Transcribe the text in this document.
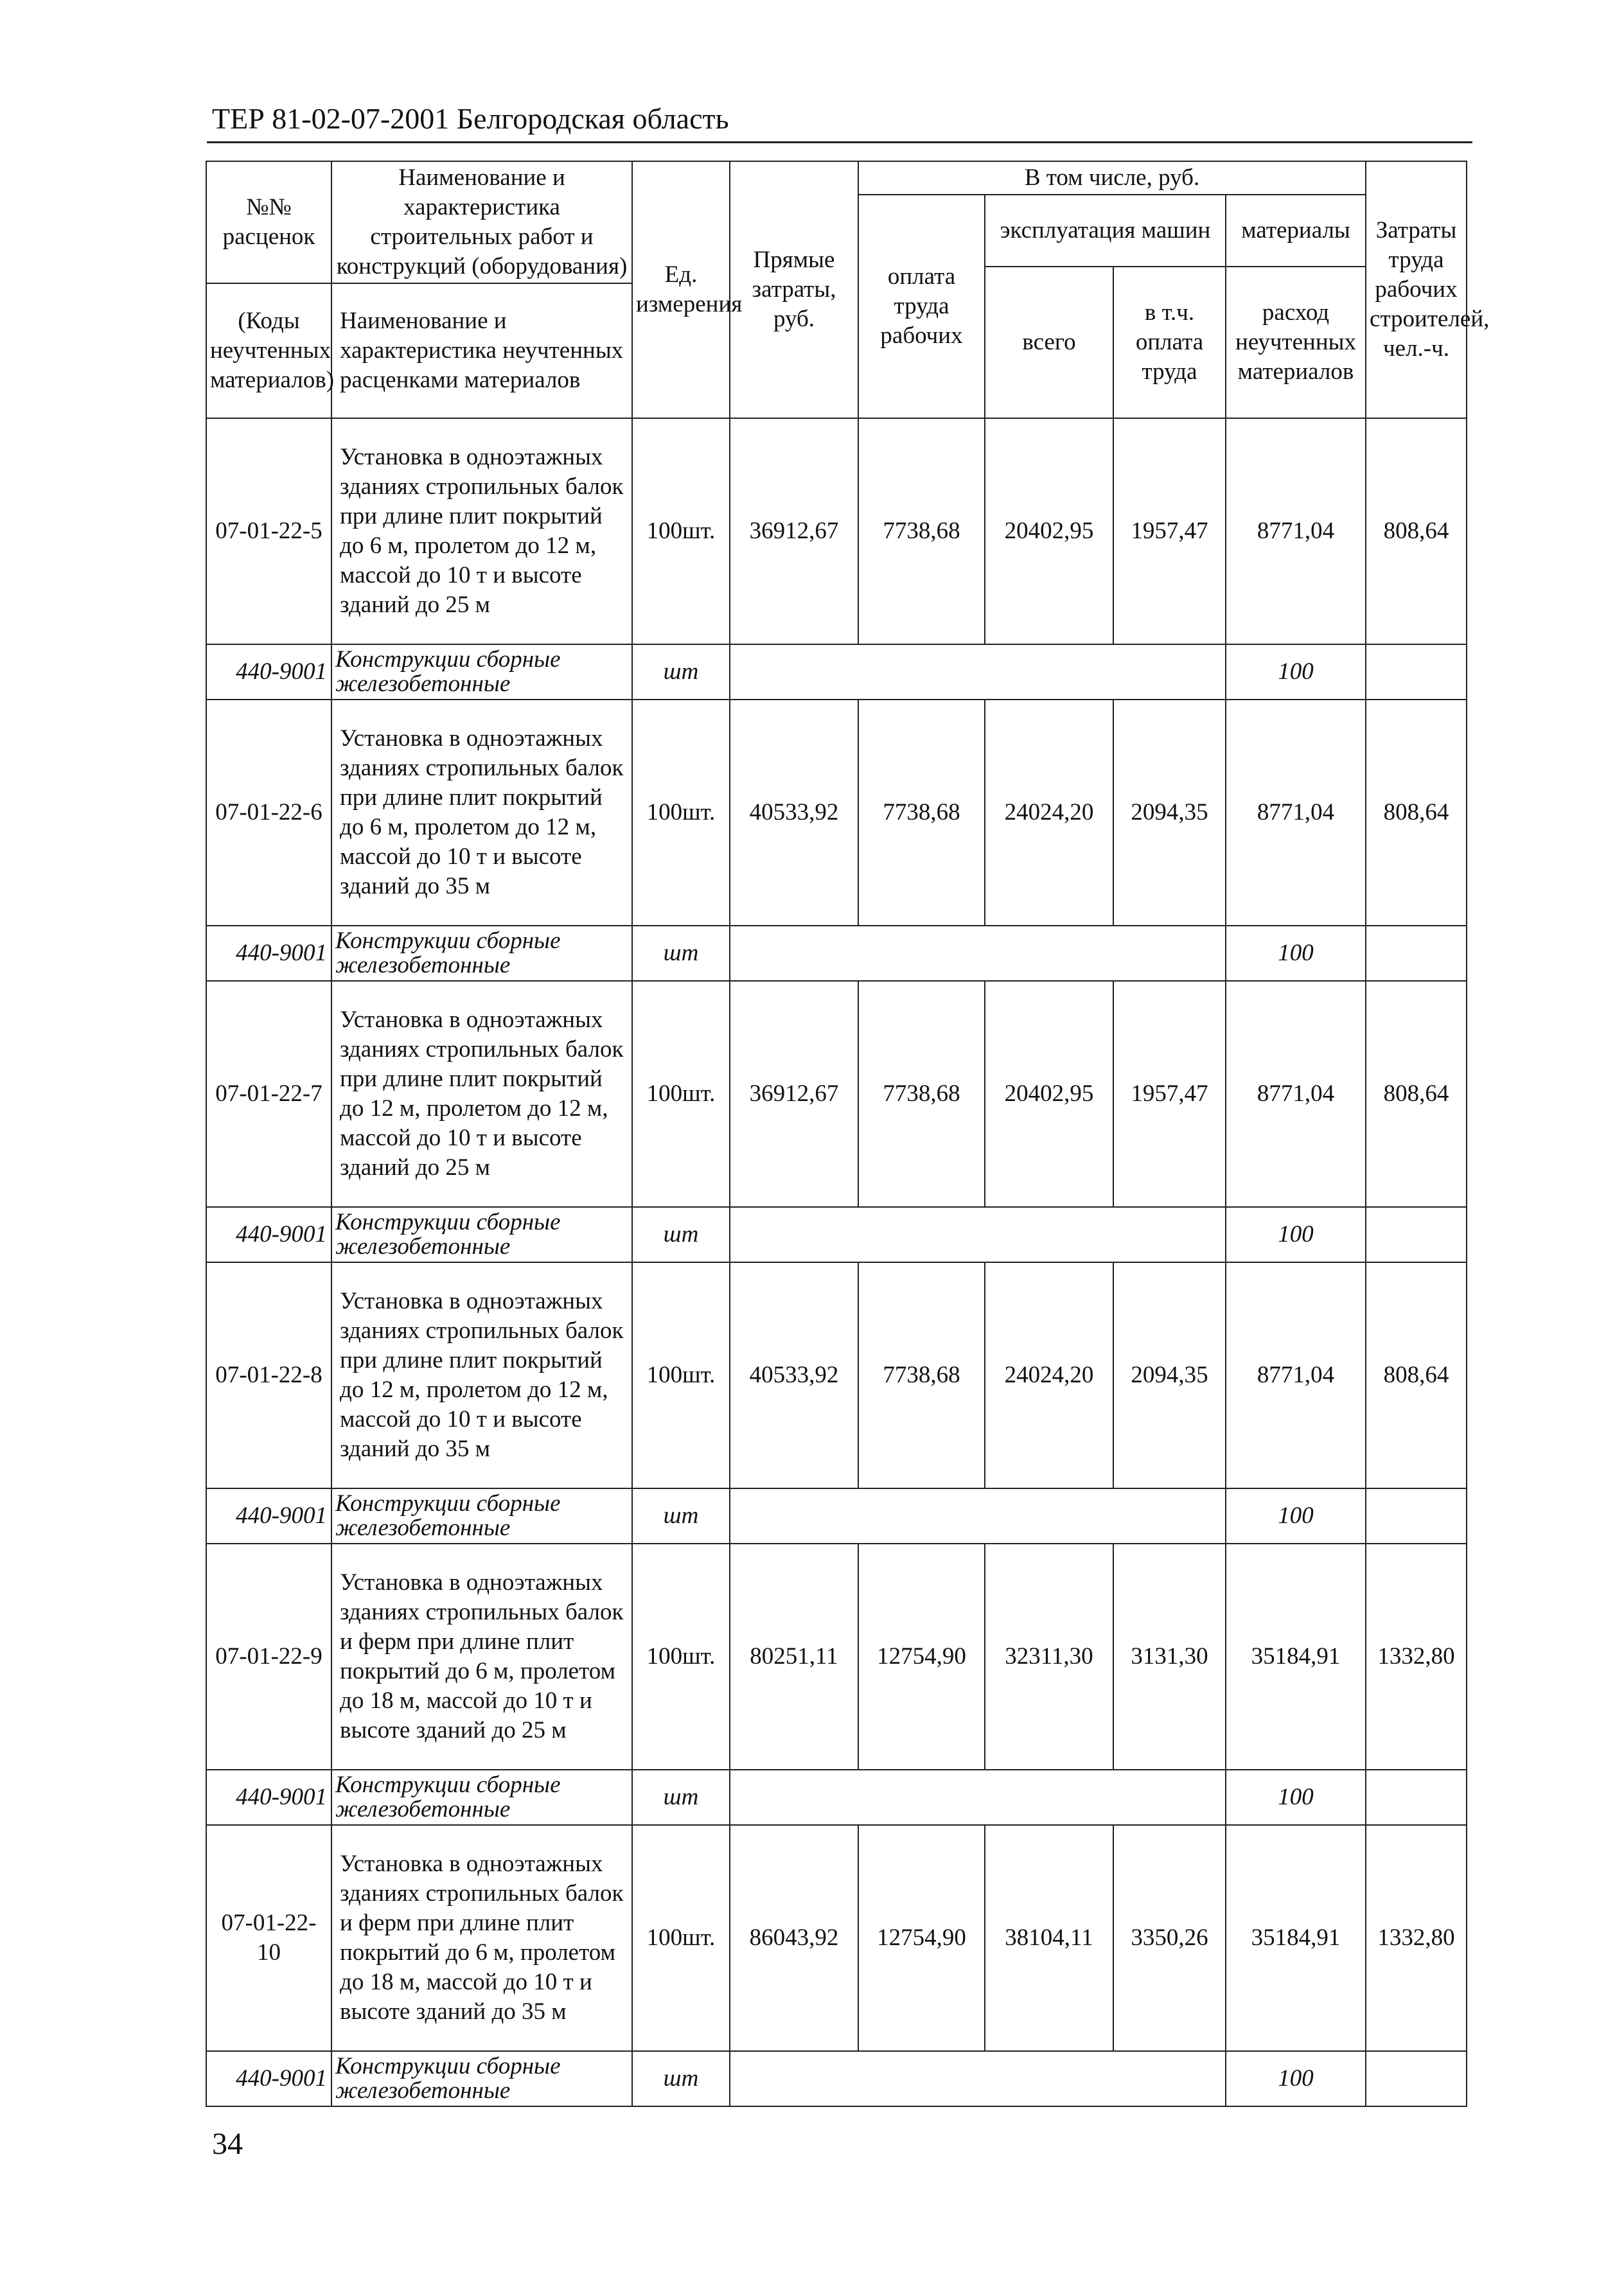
ТЕР 81-02-07-2001 Белгородская область
№№ расценок	Наименование и характеристика строительных работ и конструкций (оборудования)	Ед. измерения	Прямые затраты, руб.	В том числе, руб.				Затраты труда рабочих строителей, чел.-ч.
				оплата труда рабочих	эксплуатация машин		материалы	
					всего	в т.ч. оплата труда	расход неучтенных материалов	
(Коды неучтенных материалов)	Наименование и характеристика неучтенных расценками материалов							

07-01-22-5	Установка в одноэтажных зданиях стропильных балок при длине плит покрытий до 6 м, пролетом до 12 м, массой до 10 т и высоте зданий до 25 м	100шт.	36912,67	7738,68	20402,95	1957,47	8771,04	808,64
440-9001	Конструкции сборные железобетонные	шт					100	
07-01-22-6	Установка в одноэтажных зданиях стропильных балок при длине плит покрытий до 6 м, пролетом до 12 м, массой до 10 т и высоте зданий до 35 м	100шт.	40533,92	7738,68	24024,20	2094,35	8771,04	808,64
440-9001	Конструкции сборные железобетонные	шт					100	
07-01-22-7	Установка в одноэтажных зданиях стропильных балок при длине плит покрытий до 12 м, пролетом до 12 м, массой до 10 т и высоте зданий до 25 м	100шт.	36912,67	7738,68	20402,95	1957,47	8771,04	808,64
440-9001	Конструкции сборные железобетонные	шт					100	
07-01-22-8	Установка в одноэтажных зданиях стропильных балок при длине плит покрытий до 12 м, пролетом до 12 м, массой до 10 т и высоте зданий до 35 м	100шт.	40533,92	7738,68	24024,20	2094,35	8771,04	808,64
440-9001	Конструкции сборные железобетонные	шт					100	
07-01-22-9	Установка в одноэтажных зданиях стропильных балок и ферм при длине плит покрытий до 6 м, пролетом до 18 м, массой до 10 т и высоте зданий до 25 м	100шт.	80251,11	12754,90	32311,30	3131,30	35184,91	1332,80
440-9001	Конструкции сборные железобетонные	шт					100	
07-01-22-10	Установка в одноэтажных зданиях стропильных балок и ферм при длине плит покрытий до 6 м, пролетом до 18 м, массой до 10 т и высоте зданий до 35 м	100шт.	86043,92	12754,90	38104,11	3350,26	35184,91	1332,80
440-9001	Конструкции сборные железобетонные	шт					100	
34
